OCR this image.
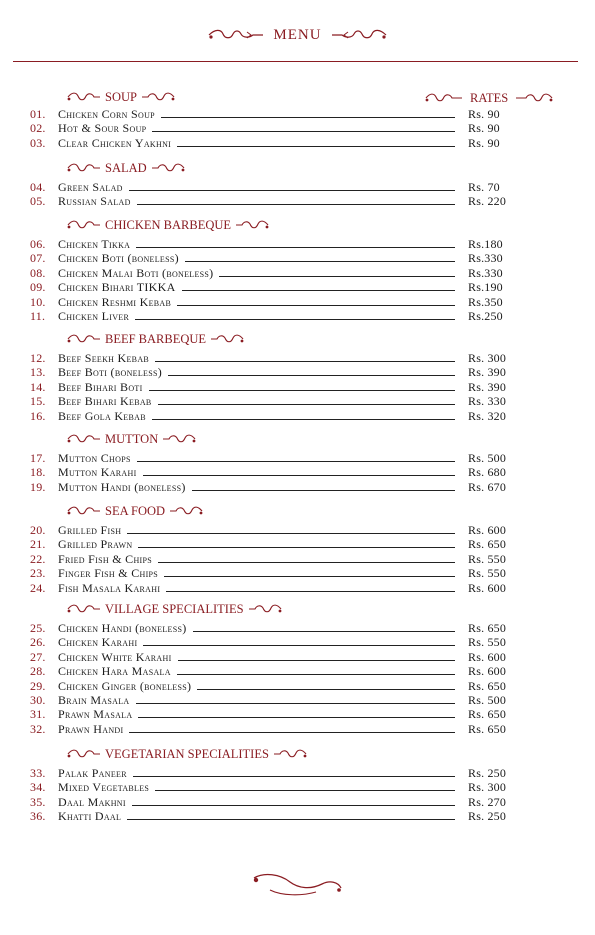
MENU
RATES
SOUP
01.	Chicken Corn Soup	Rs. 90
02.	Hot & Sour Soup	Rs. 90
03.	Clear Chicken Yakhni	Rs. 90
SALAD
04.	Green Salad	Rs. 70
05.	Russian Salad	Rs. 220
CHICKEN BARBEQUE
06.	Chicken Tikka	Rs.180
07.	Chicken Boti (boneless)	Rs.330
08.	Chicken Malai Boti (boneless)	Rs.330
09.	Chicken Bihari TIKKA	Rs.190
10.	Chicken Reshmi Kebab	Rs.350
11.	Chicken Liver	Rs.250
BEEF BARBEQUE
12.	Beef Seekh Kebab	Rs. 300
13.	Beef Boti (boneless)	Rs. 390
14.	Beef Bihari Boti	Rs. 390
15.	Beef Bihari Kebab	Rs. 330
16.	Beef Gola Kebab	Rs. 320
MUTTON
17.	Mutton Chops	Rs. 500
18.	Mutton Karahi	Rs. 680
19.	Mutton Handi (boneless)	Rs. 670
SEA FOOD
20.	Grilled Fish	Rs. 600
21.	Grilled Prawn	Rs. 650
22.	Fried Fish & Chips	Rs. 550
23.	Finger Fish & Chips	Rs. 550
24.	Fish Masala Karahi	Rs. 600
VILLAGE SPECIALITIES
25.	Chicken Handi (boneless)	Rs. 650
26.	Chicken Karahi	Rs. 550
27.	Chicken White Karahi	Rs. 600
28.	Chicken Hara Masala	Rs. 600
29.	Chicken Ginger (boneless)	Rs. 650
30.	Brain Masala	Rs. 500
31.	Prawn Masala	Rs. 650
32.	Prawn Handi	Rs. 650
VEGETARIAN SPECIALITIES
33.	Palak Paneer	Rs. 250
34.	Mixed Vegetables	Rs. 300
35.	Daal Makhni	Rs. 270
36.	Khatti Daal	Rs. 250
